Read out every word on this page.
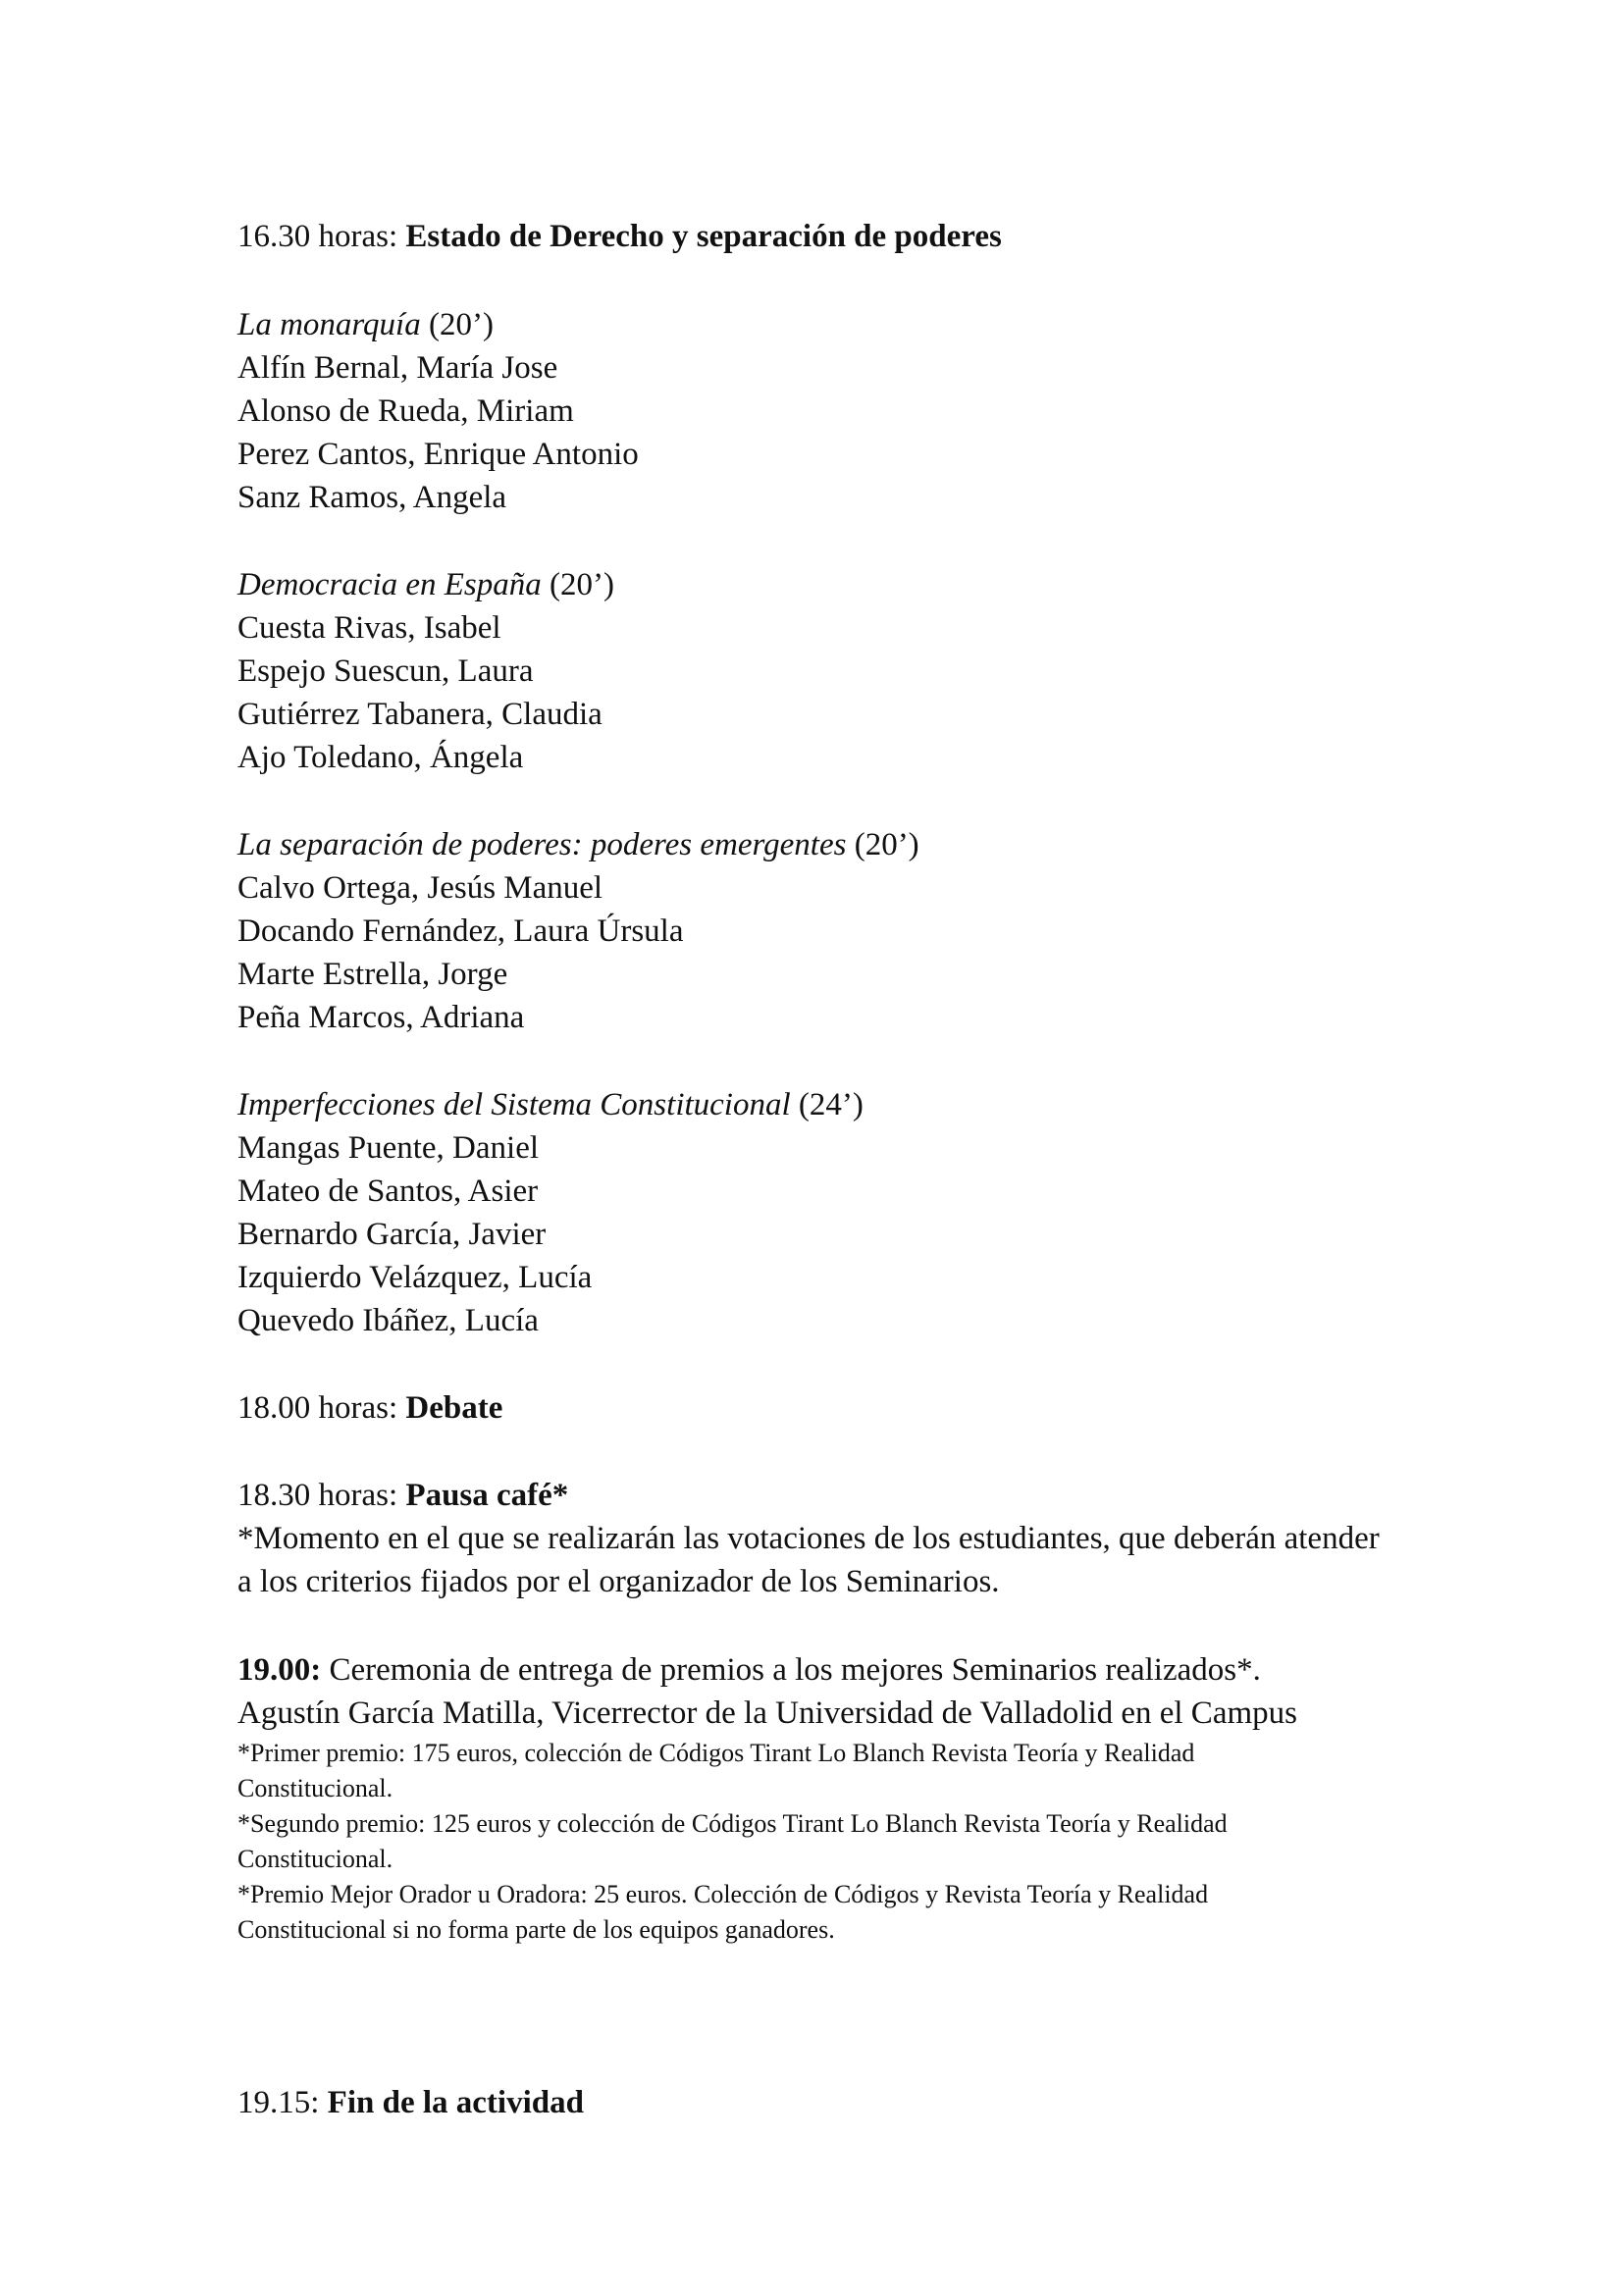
16.30 horas: Estado de Derecho y separación de poderes
La monarquía (20’)
Alfín Bernal, María Jose
Alonso de Rueda, Miriam
Perez Cantos, Enrique Antonio
Sanz Ramos, Angela
Democracia en España (20’)
Cuesta Rivas, Isabel
Espejo Suescun, Laura
Gutiérrez Tabanera, Claudia
Ajo Toledano, Ángela
La separación de poderes: poderes emergentes (20’)
Calvo Ortega, Jesús Manuel
Docando Fernández, Laura Úrsula
Marte Estrella, Jorge
Peña Marcos, Adriana
Imperfecciones del Sistema Constitucional (24’)
Mangas Puente, Daniel
Mateo de Santos, Asier
Bernardo García, Javier
Izquierdo Velázquez, Lucía
Quevedo Ibáñez, Lucía
18.00 horas: Debate
18.30 horas: Pausa café*
*Momento en el que se realizarán las votaciones de los estudiantes, que deberán atender
a los criterios fijados por el organizador de los Seminarios.
19.00: Ceremonia de entrega de premios a los mejores Seminarios realizados*.
Agustín García Matilla, Vicerrector de la Universidad de Valladolid en el Campus
*Primer premio: 175 euros, colección de Códigos Tirant Lo Blanch Revista Teoría y Realidad
Constitucional.
*Segundo premio: 125 euros y colección de Códigos Tirant Lo Blanch Revista Teoría y Realidad
Constitucional.
*Premio Mejor Orador u Oradora: 25 euros. Colección de Códigos y Revista Teoría y Realidad
Constitucional si no forma parte de los equipos ganadores.
19.15: Fin de la actividad
